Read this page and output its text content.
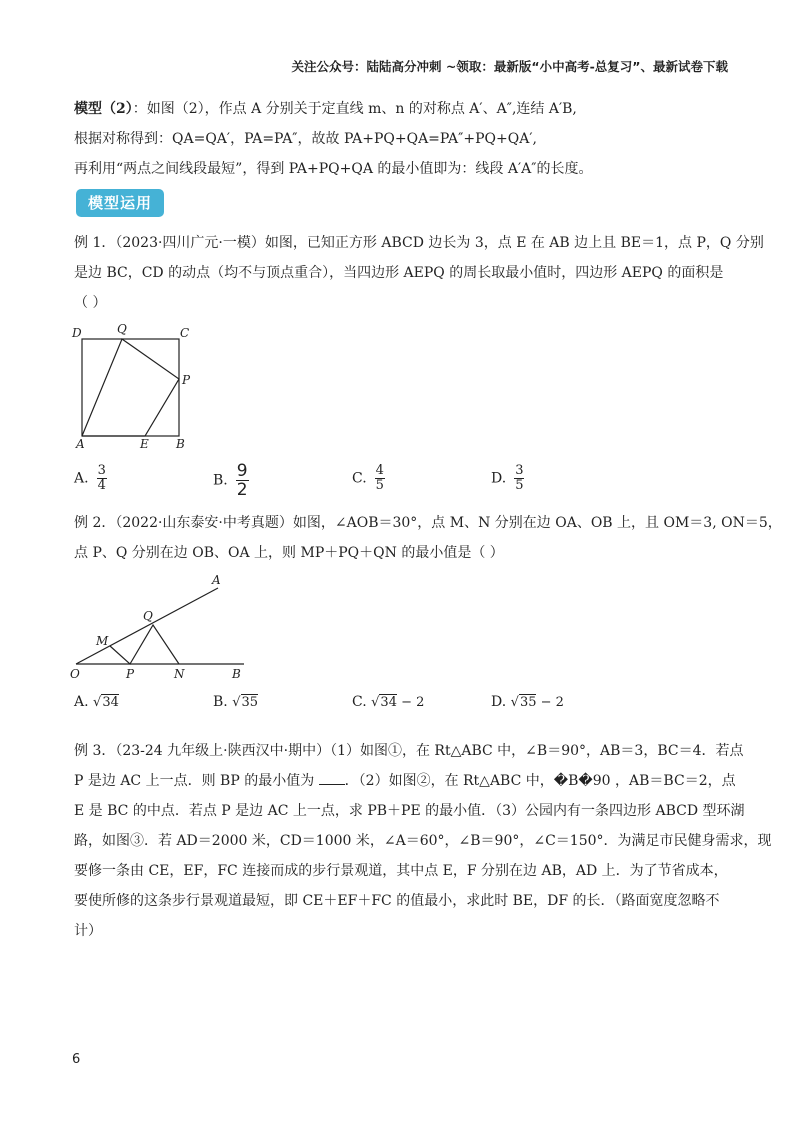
关注公众号：陆陆高分冲刺 ~领取：最新版“小中高考-总复习”、最新试卷下载
模型（2）：如图（2），作点 A 分别关于定直线 m、n 的对称点 A′、A″,连结 A′B,
根据对称得到：QA=QA′，PA=PA″，故故 PA+PQ+QA=PA″+PQ+QA′,
再利用“两点之间线段最短”，得到 PA+PQ+QA 的最小值即为：线段 A′A″的长度。
模型运用
例 1．（2023·四川广元·一模）如图，已知正方形 ABCD 边长为 3，点 E 在 AB 边上且 BE＝1，点 P，Q 分别
是边 BC，CD 的动点（均不与顶点重合），当四边形 AEPQ 的周长取最小值时，四边形 AEPQ 的面积是
（ ）
D	Q	C
P
A	E B
A. $\frac{3}{4}$	B. $\frac{9}{2}$	C. $\frac{4}{5}$	D. $\frac{3}{5}$
例 2．（2022·山东泰安·中考真题）如图，∠AOB＝30°，点 M、N 分别在边 OA、OB 上，且 OM＝3, ON＝5，
点 P、Q 分别在边 OB、OA 上，则 MP＋PQ＋QN 的最小值是（ ）
A
Q
M
O	P	N	B
A. √34	B. √35	C. √34 − 2	D. √35 − 2
例 3．（23-24 九年级上·陕西汉中·期中）（1）如图①，在 Rt△ABC 中，∠B＝90°，AB＝3，BC＝4．若点
P 是边 AC 上一点．则 BP 的最小值为 ．（2）如图②，在 Rt△ABC 中，�B�90 ，AB＝BC＝2，点
E 是 BC 的中点．若点 P 是边 AC 上一点，求 PB＋PE 的最小值．（3）公园内有一条四边形 ABCD 型环湖
路，如图③．若 AD＝2000 米，CD＝1000 米，∠A＝60°，∠B＝90°，∠C＝150°．为满足市民健身需求，现
要修一条由 CE，EF，FC 连接而成的步行景观道，其中点 E，F 分别在边 AB，AD 上．为了节省成本，
要使所修的这条步行景观道最短，即 CE＋EF＋FC 的值最小，求此时 BE，DF 的长．（路面宽度忽略不
计）
6
